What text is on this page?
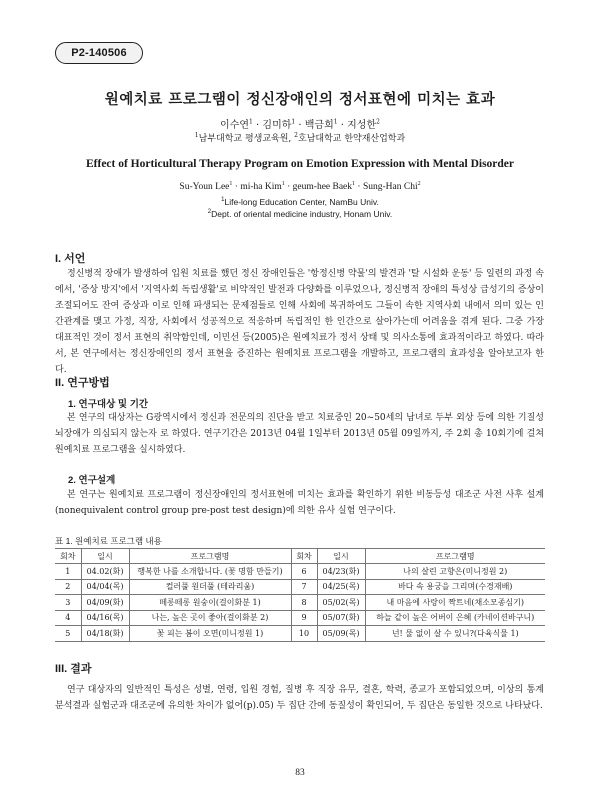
P2-140506
원예치료 프로그램이 정신장애인의 정서표현에 미치는 효과
이수연$^1$ · 김미하$^1$ · 백금희$^1$ · 지성한$^2$
$^1$남부대학교 평생교육원, $^2$호남대학교 한약재산업학과
Effect of Horticultural Therapy Program on Emotion Expression with Mental Disorder
Su-Youn Lee$^1$ · mi-ha Kim$^1$ · geum-hee Baek$^1$ · Sung-Han Chi$^2$
$^1$Life-long Education Center, NamBu Univ.
$^2$Dept. of oriental medicine industry, Honam Univ.
I. 서언

정신병적 장애가 발생하여 입원 치료를 했던 정신 장애인들은 '항정신병 약물'의 발견과 '탈 시설화 운동' 등 일련의 과정 속에서, '증상 방지'에서 '지역사회 독립생활'로 비약적인 발전과 다양화를 이루었으나, 정신병적 장애의 특성상 급성기의 증상이 조절되어도 잔여 증상과 이로 인해 파생되는 문제점들로 인해 사회에 복귀하여도 그들이 속한 지역사회 내에서 의미 있는 인간관계를 맺고 가정, 직장, 사회에서 성공적으로 적응하며 독립적인 한 인간으로 살아가는데 어려움을 겪게 된다. 그중 가장 대표적인 것이 정서 표현의 취약함인데, 이민선 등(2005)은 원예치료가 정서 상태 및 의사소통에 효과적이라고 하였다. 따라서, 본 연구에서는 정신장애인의 정서 표현을 증진하는 원예치료 프로그램을 개발하고, 프로그램의 효과성을 알아보고자 한다.

II. 연구방법
1. 연구대상 및 기간

본 연구의 대상자는 G광역시에서 정신과 전문의의 진단을 받고 치료중인 20~50세의 남녀로 두부 외상 등에 의한 기질성 뇌장애가 의심되지 않는자 로 하였다. 연구기간은 2013년 04월 1일부터 2013년 05월 09일까지, 주 2회 총 10회기에 걸쳐 원예치료 프로그램을 실시하였다.

2. 연구설계

본 연구는 원예치료 프로그램이 정신장애인의 정서표현에 미치는 효과를 확인하기 위한 비동등성 대조군 사전 사후 설계 (nonequivalent control group pre-post test design)에 의한 유사 실험 연구이다.

표 1. 원예치료 프로그램 내용
회차	일시	프로그램명	회차	일시	프로그램명
1	04.02(화)	행복한 나를 소개합니다. (꽃 명함 만들기)	6	04/23(화)	나의 살린 고향은(미니정원 2)
2	04/04(목)	컬러풀 원더풀 (테라리움)	7	04/25(목)	바다 속 용궁을 그리며(수경재배)
3	04/09(화)	떼롱떼롱 원숭이(걸이화분 1)	8	05/02(목)	내 마음에 사랑이 짝트네(채소모종심기)
4	04/16(목)	나는, 높은 곳이 좋아(걸이화분 2)	9	05/07(화)	하늘 같이 높은 어버이 은혜 (카네이션바구니)
5	04/18(화)	꽃 피는 봄이 오면(미니정원 1)	10	05/09(목)	넌! 물 없이 살 수 있니?(다육식물 1)
III. 결과

연구 대상자의 일반적인 특성은 성별, 연령, 입원 경험, 질병 후 직장 유무, 결혼, 학력, 종교가 포함되었으며, 이상의 통계분석결과 실험군과 대조군에 유의한 차이가 없어(p).05) 두 집단 간에 동질성이 확인되어, 두 집단은 동일한 것으로 나타났다.

83
